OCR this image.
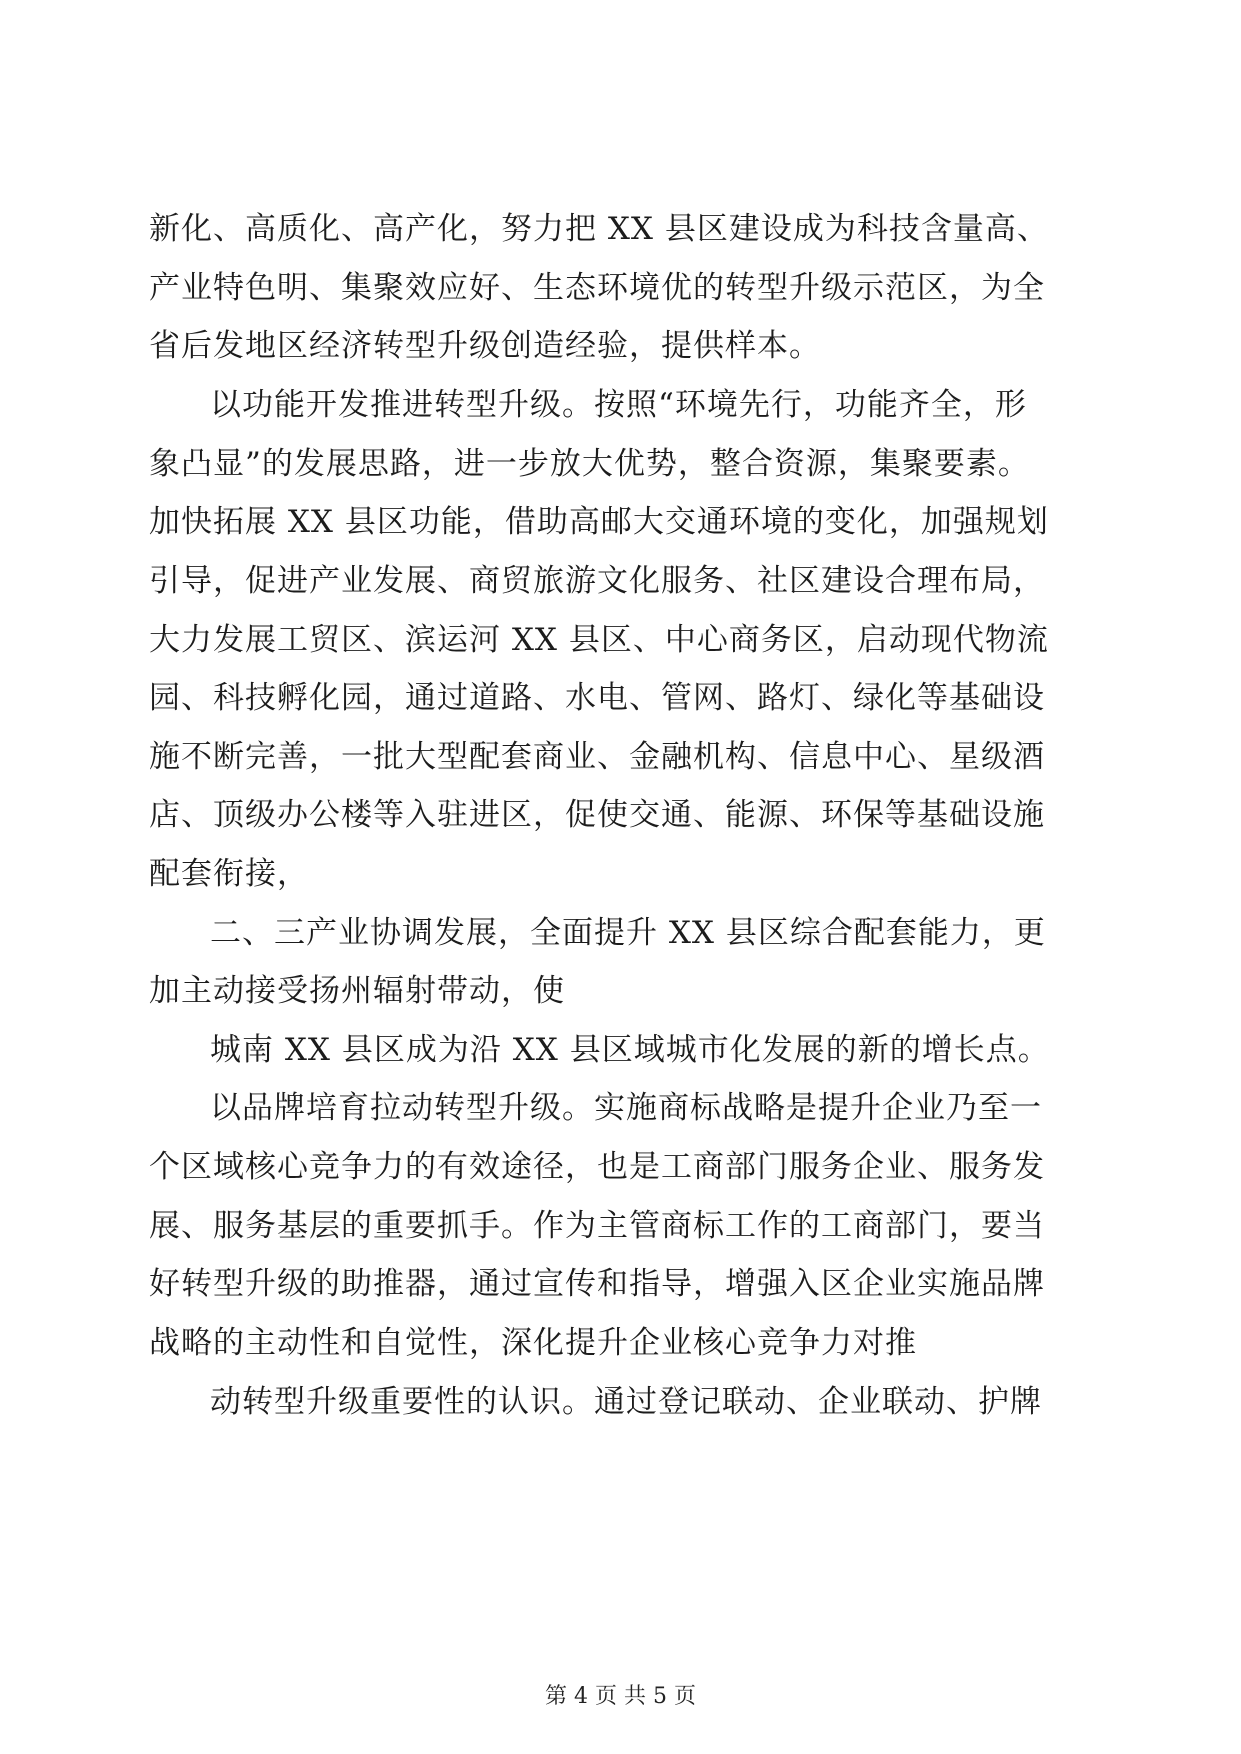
新化、高质化、高产化，努力把 XX 县区建设成为科技含量高、
产业特色明、集聚效应好、生态环境优的转型升级示范区，为全
省后发地区经济转型升级创造经验，提供样本。
以功能开发推进转型升级。按照“环境先行，功能齐全，形
象凸显”的发展思路，进一步放大优势，整合资源，集聚要素。
加快拓展 XX 县区功能，借助高邮大交通环境的变化，加强规划
引导，促进产业发展、商贸旅游文化服务、社区建设合理布局，
大力发展工贸区、滨运河 XX 县区、中心商务区，启动现代物流
园、科技孵化园，通过道路、水电、管网、路灯、绿化等基础设
施不断完善，一批大型配套商业、金融机构、信息中心、星级酒
店、顶级办公楼等入驻进区，促使交通、能源、环保等基础设施
配套衔接，
二、三产业协调发展，全面提升 XX 县区综合配套能力，更
加主动接受扬州辐射带动，使
城南 XX 县区成为沿 XX 县区域城市化发展的新的增长点。
以品牌培育拉动转型升级。实施商标战略是提升企业乃至一
个区域核心竞争力的有效途径，也是工商部门服务企业、服务发
展、服务基层的重要抓手。作为主管商标工作的工商部门，要当
好转型升级的助推器，通过宣传和指导，增强入区企业实施品牌
战略的主动性和自觉性，深化提升企业核心竞争力对推
动转型升级重要性的认识。通过登记联动、企业联动、护牌
第 4 页 共 5 页
